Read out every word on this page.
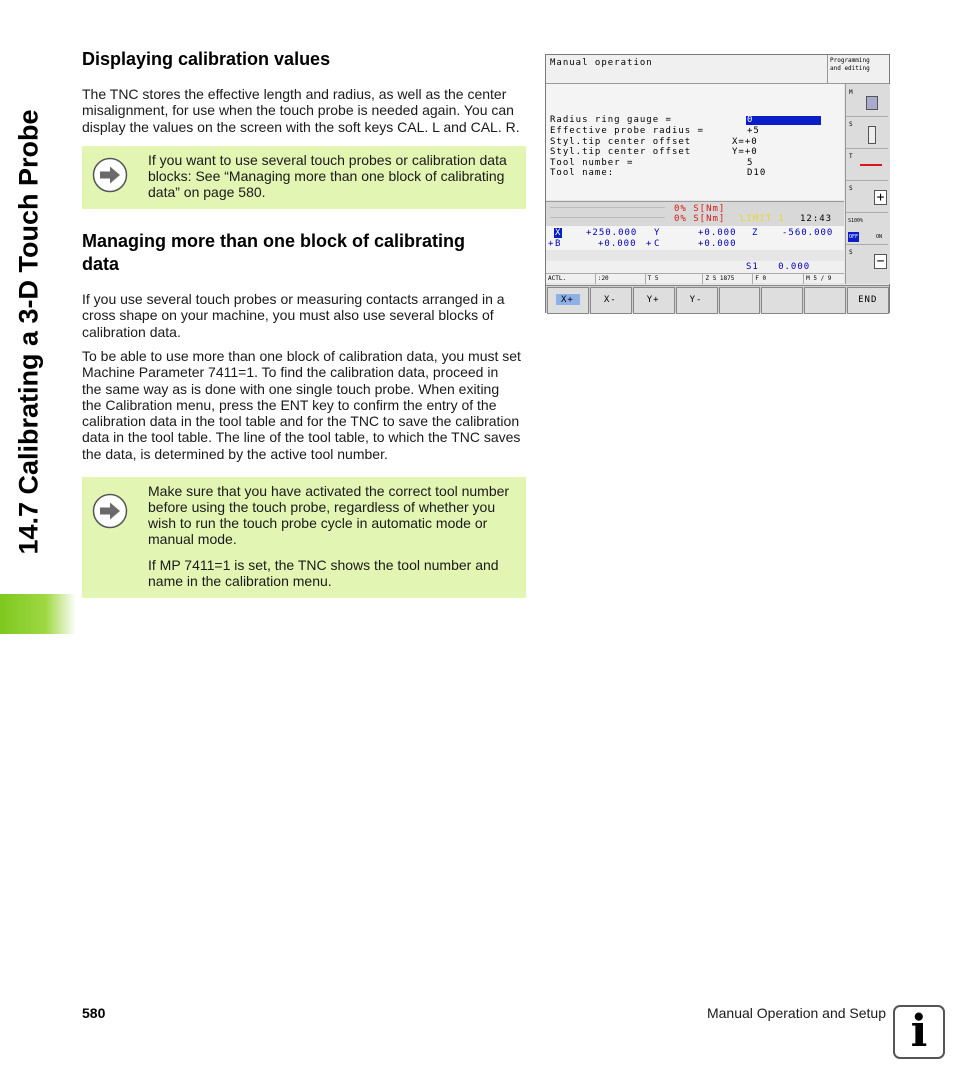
14.7 Calibrating a 3-D Touch Probe
Displaying calibration values
The TNC stores the effective length and radius, as well as the center
misalignment, for use when the touch probe is needed again. You can
display the values on the screen with the soft keys CAL. L and CAL. R.

If you want to use several touch probes or calibration data
blocks: See “Managing more than one block of calibrating
data” on page 580.

Managing more than one block of calibrating
data
If you use several touch probes or measuring contacts arranged in a
cross shape on your machine, you must also use several blocks of
calibration data.
To be able to use more than one block of calibration data, you must set
Machine Parameter 7411=1. To find the calibration data, proceed in
the same way as is done with one single touch probe. When exiting
the Calibration menu, press the ENT key to confirm the entry of the
calibration data in the tool table and for the TNC to save the calibration
data in the tool table. The line of the tool table, to which the TNC saves
the data, is determined by the active tool number.

Make sure that you have activated the correct tool number
before using the touch probe, regardless of whether you
wish to run the touch probe cycle in automatic mode or
manual mode.

If MP 7411=1 is set, the TNC shows the tool number and
name in the calibration menu.

Manual operation	Programming
and editing
Radius ring gauge =	0
Effective probe radius =	+5
Styl.tip center offset	X=+0
Styl.tip center offset	Y=+0
Tool number =	5
Tool name:	D10
0% S[Nm]
0% S[Nm] LIMIT 1 12:43
X	+250.000 Y	+0.000 Z	-560.000
+ B	+0.000 + C	+0.000
S1   0.000
ACTL.	:20	T 5	Z S 1875	F 0	M 5 / 9
M
S
T
S
+
S100%
OFF	ON
S
−
X+	X-	Y+	Y-	END
580	Manual Operation and Setup i
